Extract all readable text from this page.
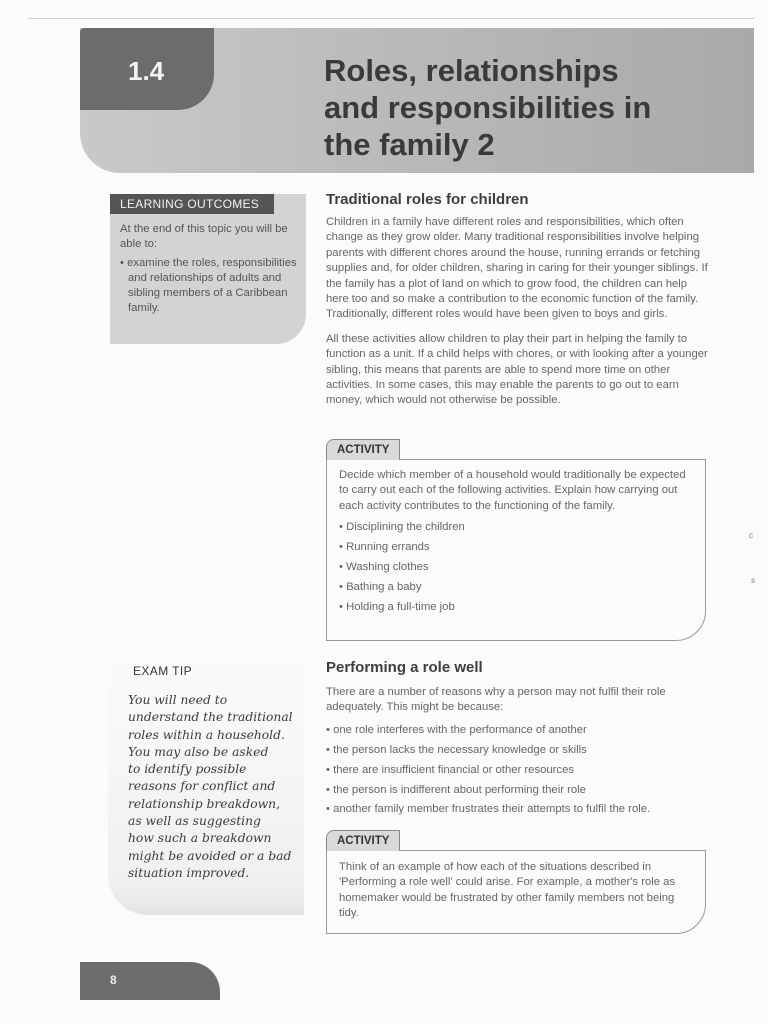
1.4	Roles, relationships
and responsibilities in
the family 2
LEARNING OUTCOMES

At the end of this topic you will be able to:

• examine the roles, responsibilities and relationships of adults and sibling members of a Caribbean family.

Traditional roles for children

Children in a family have different roles and responsibilities, which often change as they grow older. Many traditional responsibilities involve helping parents with different chores around the house, running errands or fetching supplies and, for older children, sharing in caring for their younger siblings. If the family has a plot of land on which to grow food, the children can help here too and so make a contribution to the economic function of the family. Traditionally, different roles would have been given to boys and girls.

All these activities allow children to play their part in helping the family to function as a unit. If a child helps with chores, or with looking after a younger sibling, this means that parents are able to spend more time on other activities. In some cases, this may enable the parents to go out to earn money, which would not otherwise be possible.

ACTIVITY

Decide which member of a household would traditionally be expected to carry out each of the following activities. Explain how carrying out each activity contributes to the functioning of the family.

• Disciplining the children
• Running errands
• Washing clothes
• Bathing a baby
• Holding a full-time job
Performing a role well

There are a number of reasons why a person may not fulfil their role adequately. This might be because:

• one role interferes with the performance of another
• the person lacks the necessary knowledge or skills
• there are insufficient financial or other resources
• the person is indifferent about performing their role
• another family member frustrates their attempts to fulfil the role.
ACTIVITY

Think of an example of how each of the situations described in 'Performing a role well' could arise. For example, a mother's role as homemaker would be frustrated by other family members not being tidy.

EXAM TIP
You will need to
understand the traditional
roles within a household.
You may also be asked
to identify possible
reasons for conflict and
relationship breakdown,
as well as suggesting
how such a breakdown
might be avoided or a bad
situation improved.
8
c
s
